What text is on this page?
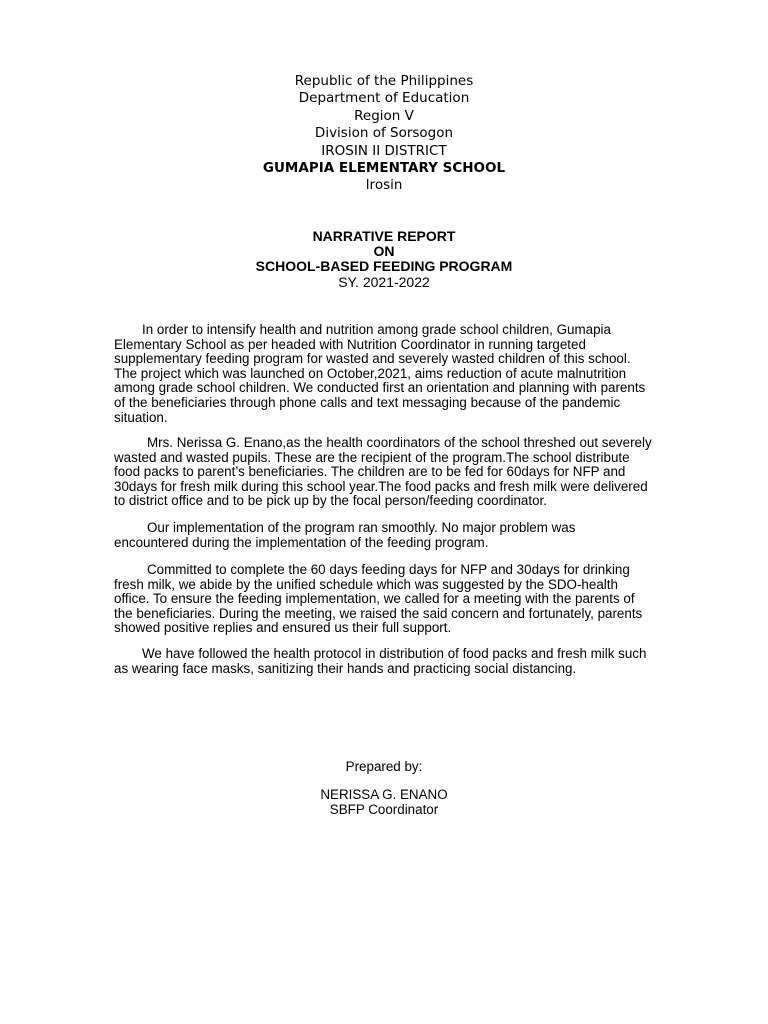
Republic of the Philippines
Department of Education
Region V
Division of Sorsogon
IROSIN II DISTRICT
GUMAPIA ELEMENTARY SCHOOL
Irosin
NARRATIVE REPORT
ON
SCHOOL-BASED FEEDING PROGRAM
SY. 2021-2022
In order to intensify health and nutrition among grade school children, Gumapia
Elementary School as per headed with Nutrition Coordinator in running targeted
supplementary feeding program for wasted and severely wasted children of this school.
The project which was launched on October,2021, aims reduction of acute malnutrition
among grade school children. We conducted first an orientation and planning with parents
of the beneficiaries through phone calls and text messaging because of the pandemic
situation.
Mrs. Nerissa G. Enano,as the health coordinators of the school threshed out severely
wasted and wasted pupils. These are the recipient of the program.The school distribute
food packs to parent’s beneficiaries. The children are to be fed for 60days for NFP and
30days for fresh milk during this school year.The food packs and fresh milk were delivered
to district office and to be pick up by the focal person/feeding coordinator.
Our implementation of the program ran smoothly. No major problem was
encountered during the implementation of the feeding program.
Committed to complete the 60 days feeding days for NFP and 30days for drinking
fresh milk, we abide by the unified schedule which was suggested by the SDO-health
office. To ensure the feeding implementation, we called for a meeting with the parents of
the beneficiaries. During the meeting, we raised the said concern and fortunately, parents
showed positive replies and ensured us their full support.
We have followed the health protocol in distribution of food packs and fresh milk such
as wearing face masks, sanitizing their hands and practicing social distancing.
Prepared by:
NERISSA G. ENANO
SBFP Coordinator
